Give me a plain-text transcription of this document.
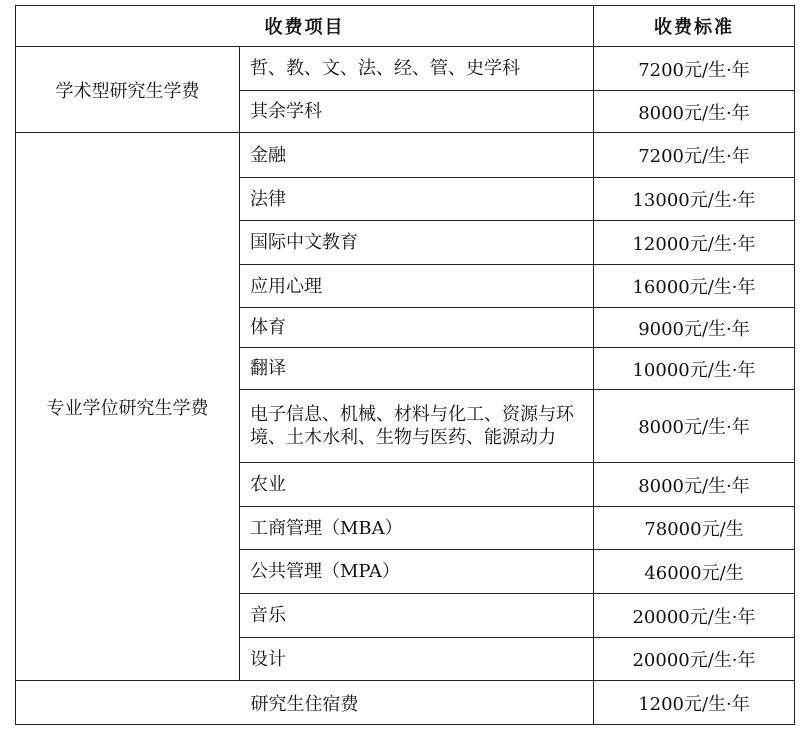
收费项目		收费标准
学术型研究生学费	哲、教、文、法、经、管、史学科	7200元/生·年
	其余学科	8000元/生·年
专业学位研究生学费	金融	7200元/生·年
	法律	13000元/生·年
	国际中文教育	12000元/生·年
	应用心理	16000元/生·年
	体育	9000元/生·年
	翻译	10000元/生·年
	电子信息、机械、材料与化工、资源与环境、土木水利、生物与医药、能源动力	8000元/生·年
	农业	8000元/生·年
	工商管理（MBA）	78000元/生
	公共管理（MPA）	46000元/生
	音乐	20000元/生·年
	设计	20000元/生·年
研究生住宿费		1200元/生·年
